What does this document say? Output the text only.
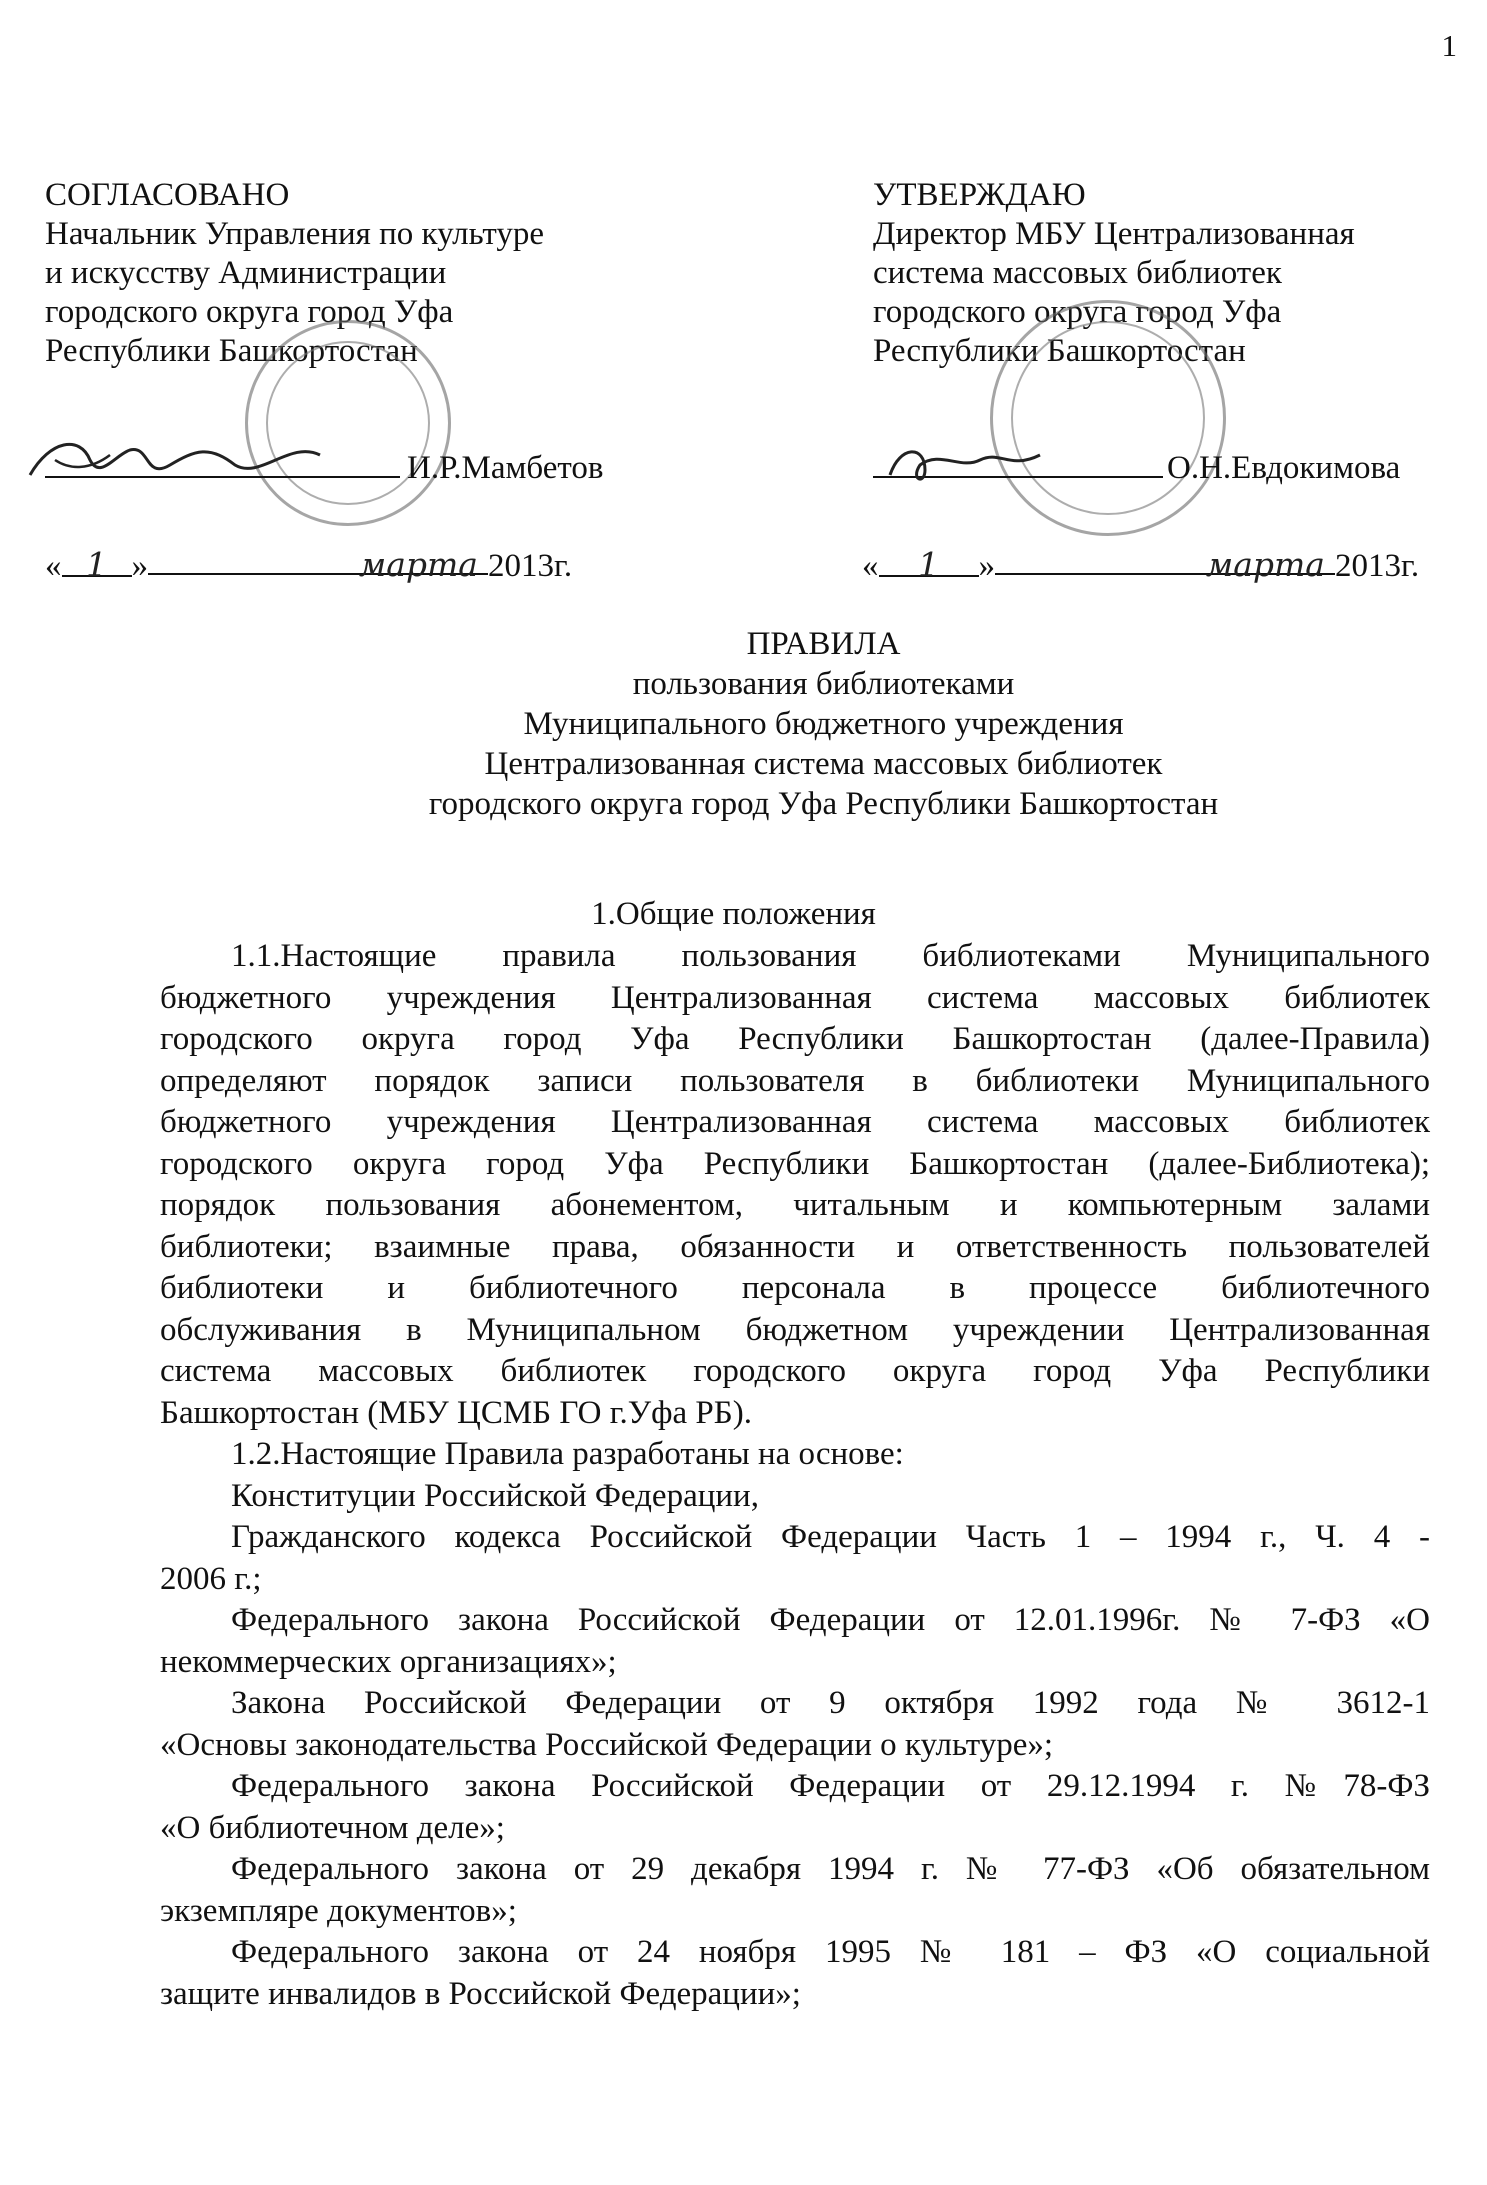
1
СОГЛАСОВАНО
Начальник Управления по культуре
и искусству Администрации
городского округа город Уфа
Республики Башкортостан
УТВЕРЖДАЮ
Директор МБУ Централизованная
система массовых библиотек
городского округа город Уфа
Республики Башкортостан
И.Р.Мамбетов	О.Н.Евдокимова
« 1 »	марта 2013г.	« 1 »	марта 2013г.
ПРАВИЛА
пользования библиотеками
Муниципального бюджетного учреждения
Централизованная система массовых библиотек
городского округа город Уфа Республики Башкортостан
1.Общие положения

1.1.Настоящие правила пользования библиотеками Муниципального

бюджетного учреждения Централизованная система массовых библиотек

городского округа город Уфа Республики Башкортостан (далее-Правила)

определяют порядок записи пользователя в библиотеки Муниципального

бюджетного учреждения Централизованная система массовых библиотек

городского округа город Уфа Республики Башкортостан (далее-Библиотека);

порядок пользования абонементом, читальным и компьютерным залами

библиотеки; взаимные права, обязанности и ответственность пользователей

библиотеки и библиотечного персонала в процессе библиотечного

обслуживания в Муниципальном бюджетном учреждении Централизованная

система массовых библиотек городского округа город Уфа Республики

Башкортостан (МБУ ЦСМБ ГО г.Уфа РБ).

1.2.Настоящие Правила разработаны на основе:

Конституции Российской Федерации,

Гражданского кодекса Российской Федерации Часть 1 – 1994 г., Ч. 4 -

2006 г.;

Федерального закона Российской Федерации от 12.01.1996г. № 7-ФЗ «О

некоммерческих организациях»;

Закона Российской Федерации от 9 октября 1992 года № 3612-1

«Основы законодательства Российской Федерации о культуре»;

Федерального закона Российской Федерации от 29.12.1994 г. №78-ФЗ

«О библиотечном деле»;

Федерального закона от 29 декабря 1994 г. № 77-ФЗ «Об обязательном

экземпляре документов»;

Федерального закона от 24 ноября 1995 № 181 – ФЗ «О социальной

защите инвалидов в Российской Федерации»;
